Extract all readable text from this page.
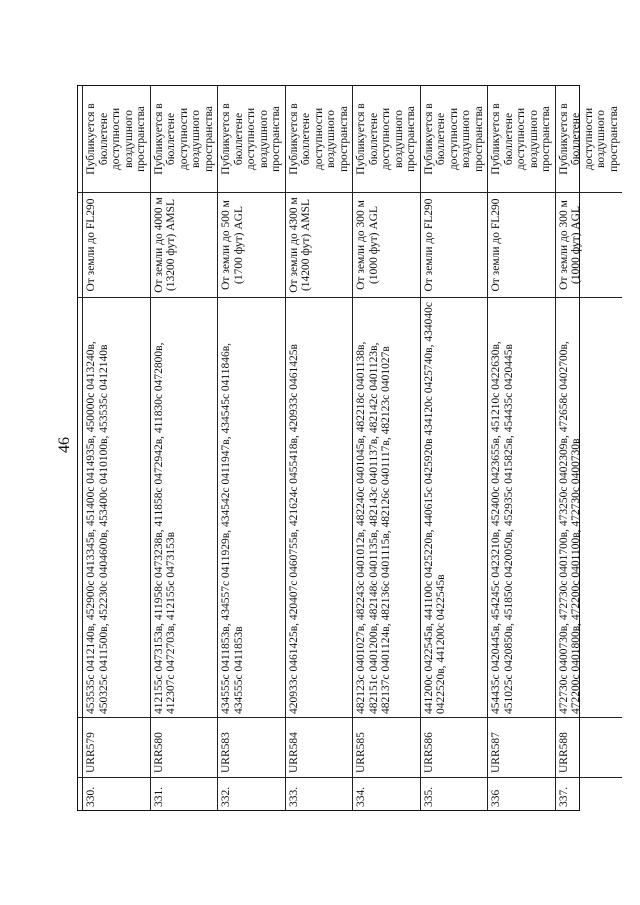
46
330.
URR579
453535с 0412140в, 452900с 0413345в, 451400с 0414935в, 450000с 0413240в, 450325с 0411500в, 452230с 0404600в, 453400с 0410100в, 453535с 0412140в
От земли до FL290
Публикуется в бюллетене доступности воздушного пространства
331.
URR580
412155с 0473153в, 411958с 0473238в, 411858с 0472942в, 411830с 0472800в, 412307с 0472703в, 412155с 0473153в
От земли до 4000 м (13200 фут) AMSL
Публикуется в бюллетене доступности воздушного пространства
332.
URR583
434555с 0411853в, 434557с 0411929в, 434542с 0411947в, 434545с 0411846в, 434555с 0411853в
От земли до 500 м (1700 фут) AGL
Публикуется в бюллетене доступности воздушного пространства
333.
URR584
420933с 0461425в, 420407с 0460755в, 421624с 0455418в, 420933с 0461425в
От земли до 4300 м (14200 фут) AMSL
Публикуется в бюллетене доступности воздушного пространства
334.
URR585
482123с 0401027в, 482243с 0401012в, 482240с 0401045в, 482218с 0401138в, 482151с 0401200в, 482148с 0401135в, 482143с 0401137в, 482142с 0401123в, 482137с 0401124в, 482136с 0401115в, 482126с 0401117в, 482123с 0401027в
От земли до 300 м (1000 фут) AGL
Публикуется в бюллетене доступности воздушного пространства
335.
URR586
441200с 0422545в, 441100с 0425220в, 440615с 0425920в 434120с 0425740в, 434040с 0422520в, 441200с 0422545в
От земли до FL290
Публикуется в бюллетене доступности воздушного пространства
336
URR587
454435с 0420445в, 454245с 0423210в, 452400с 0423655в, 451210с 0422630в, 451025с 0420850в, 451850с 0420050в, 452935с 0415825в, 454435с 0420445в
От земли до FL290
Публикуется в бюллетене доступности воздушного пространства
337.
URR588
472730с 0400730в, 472730с 0401700в, 473250с 0402309в, 472658с 0402700в, 472200с 0401800в, 472200с 0401100в, 472730с 0400730в
От земли до 300 м (1000 фут) AGL
Публикуется в бюллетене доступности воздушного пространства
